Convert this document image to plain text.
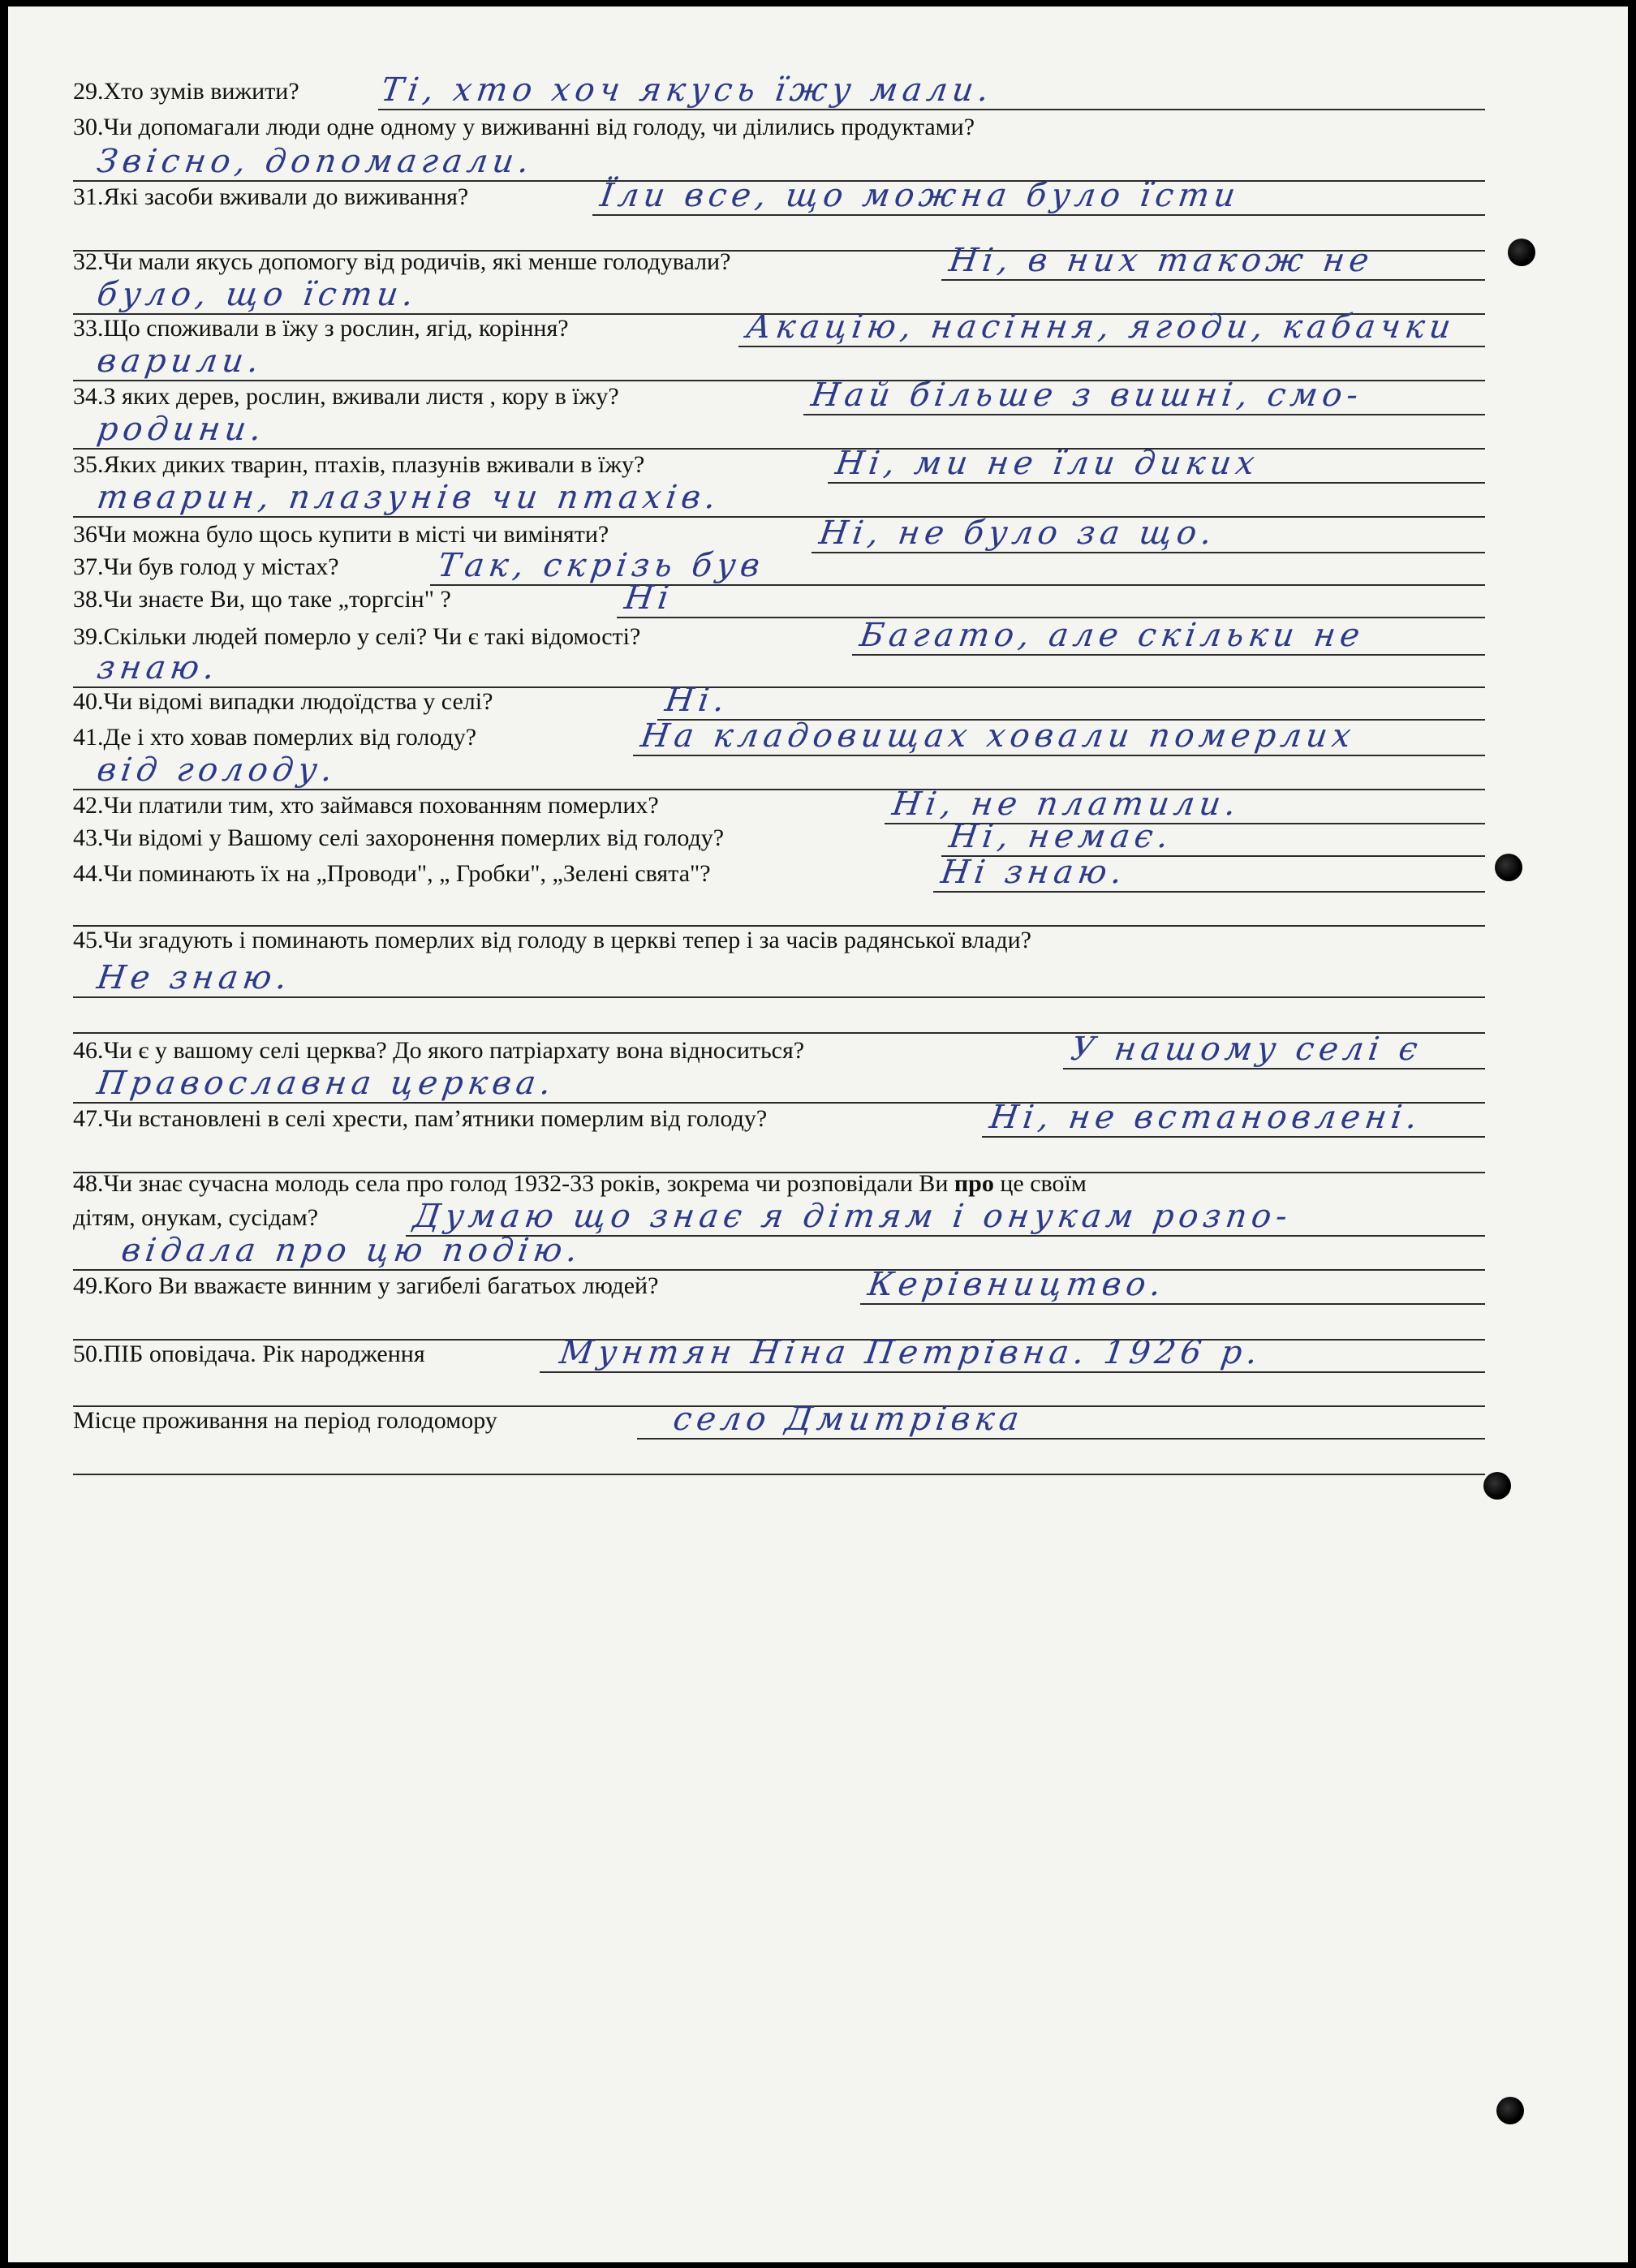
29.Хто зумів вижити? Ті, хто хоч якусь їжу мали.
30.Чи допомагали люди одне одному у виживанні від голоду, чи ділились продуктами?
Звісно, допомагали.
31.Які засоби вживали до виживання?	Їли все, що можна було їсти
32.Чи мали якусь допомогу від родичів, які менше голодували?	Ні, в них також не
було, що їсти.
33.Що споживали в їжу з рослин, ягід, коріння?	Акацію, насіння, ягоди, кабачки
варили.
34.З яких дерев, рослин, вживали листя , кору в їжу?	Най більше з вишні, смо-
родини.
35.Яких диких тварин, птахів, плазунів вживали в їжу?	Ні, ми не їли диких
тварин, плазунів чи птахів.
36Чи можна було щось купити в місті чи виміняти?	Ні, не було за що.
37.Чи був голод у містах?	Так, скрізь був
38.Чи знаєте Ви, що таке „торгсін" ?	Ні
39.Скільки людей померло у селі? Чи є такі відомості?	Багато, але скільки не
знаю.
40.Чи відомі випадки людоїдства у селі?	Ні.
41.Де і хто ховав померлих від голоду?	На кладовищах ховали померлих
від голоду.
42.Чи платили тим, хто займався похованням померлих?	Ні, не платили.
43.Чи відомі у Вашому селі захоронення померлих від голоду?	Ні, немає.
44.Чи поминають їх на „Проводи", „ Гробки", „Зелені свята"?	Ні знаю.
45.Чи згадують і поминають померлих від голоду в церкві тепер і за часів радянської влади?
Не знаю.
46.Чи є у вашому селі церква? До якого патріархату вона відноситься?	У нашому селі є
Православна церква.
47.Чи встановлені в селі хрести, пам’ятники померлим від голоду?	Ні, не встановлені.
48.Чи знає сучасна молодь села про голод 1932-33 років, зокрема чи розповідали Ви про це своїм
дітям, онукам, сусідам?	Думаю що знає я дітям і онукам розпо-
відала про цю подію.
49.Кого Ви вважаєте винним у загибелі багатьох людей?	Керівництво.
50.ПІБ оповідача. Рік народження	Мунтян Ніна Петрівна. 1926 р.
Місце проживання на період голодомору	село Дмитрівка
